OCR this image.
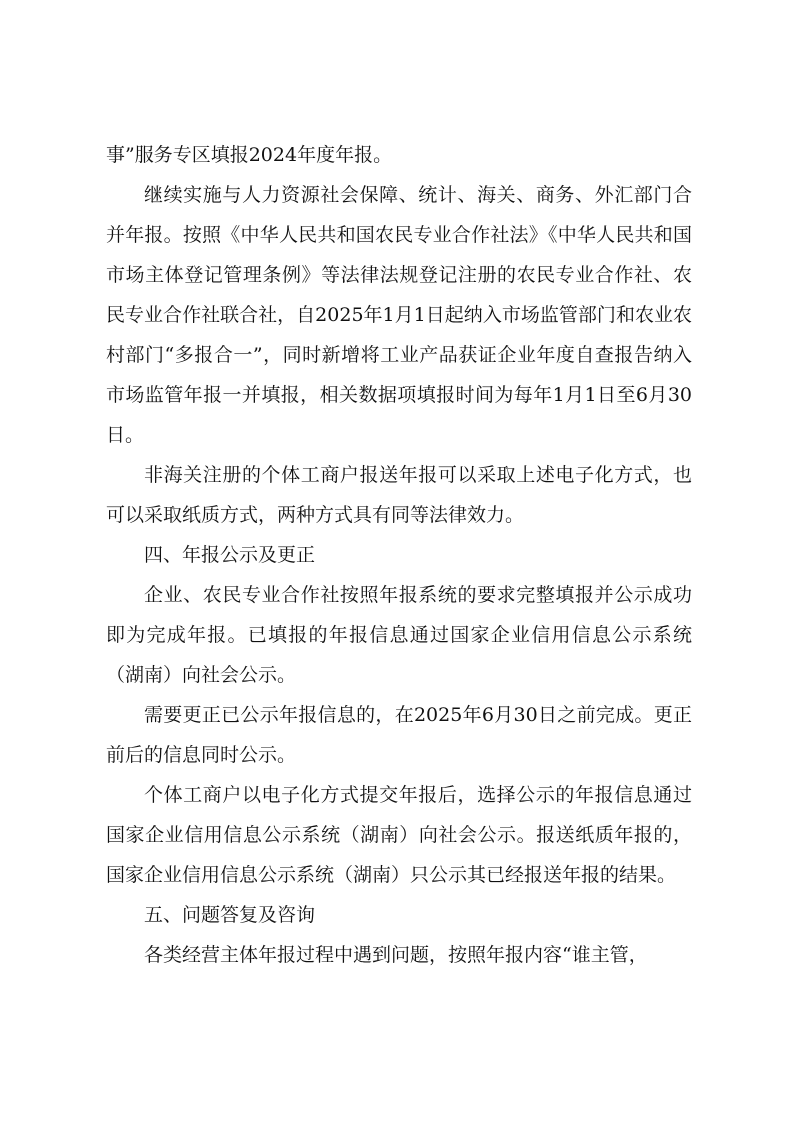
事”服务专区填报2024年度年报。

继续实施与人力资源社会保障、统计、海关、商务、外汇部门合并年报。按照《中华人民共和国农民专业合作社法》《中华人民共和国市场主体登记管理条例》等法律法规登记注册的农民专业合作社、农民专业合作社联合社，自2025年1月1日起纳入市场监管部门和农业农村部门“多报合一”，同时新增将工业产品获证企业年度自查报告纳入市场监管年报一并填报，相关数据项填报时间为每年1月1日至6月30日。

非海关注册的个体工商户报送年报可以采取上述电子化方式，也可以采取纸质方式，两种方式具有同等法律效力。

四、年报公示及更正

企业、农民专业合作社按照年报系统的要求完整填报并公示成功即为完成年报。已填报的年报信息通过国家企业信用信息公示系统（湖南）向社会公示。

需要更正已公示年报信息的，在2025年6月30日之前完成。更正前后的信息同时公示。

个体工商户以电子化方式提交年报后，选择公示的年报信息通过国家企业信用信息公示系统（湖南）向社会公示。报送纸质年报的，国家企业信用信息公示系统（湖南）只公示其已经报送年报的结果。

五、问题答复及咨询

各类经营主体年报过程中遇到问题，按照年报内容“谁主管，
